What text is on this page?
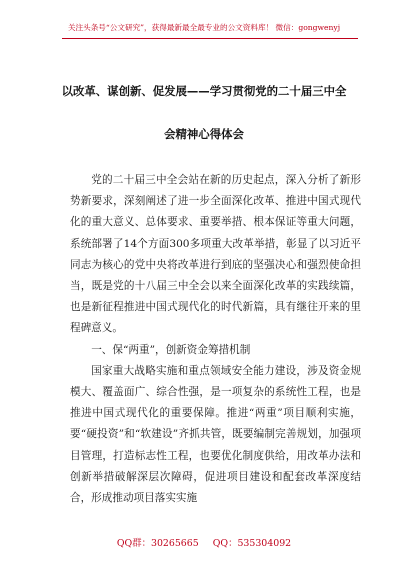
关注头条号“公文研究”，获得最新最全最专业的公文资料库！ 微信：gongwenyj
以改革、谋创新、促发展——学习贯彻党的二十届三中全
会精神心得体会

党的二十届三中全会站在新的历史起点，深入分析了新形势新要求，深刻阐述了进一步全面深化改革、推进中国式现代化的重大意义、总体要求、重要举措、根本保证等重大问题，系统部署了14个方面300多项重大改革举措，彰显了以习近平同志为核心的党中央将改革进行到底的坚强决心和强烈使命担当，既是党的十八届三中全会以来全面深化改革的实践续篇，也是新征程推进中国式现代化的时代新篇，具有继往开来的里程碑意义。

一、保“两重”，创新资金筹措机制

国家重大战略实施和重点领域安全能力建设，涉及资金规模大、覆盖面广、综合性强，是一项复杂的系统性工程，也是推进中国式现代化的重要保障。推进“两重”项目顺利实施，要“硬投资”和“软建设”齐抓共管，既要编制完善规划，加强项目管理，打造标志性工程，也要优化制度供给，用改革办法和创新举措破解深层次障碍，促进项目建设和配套改革深度结合，形成推动项目落实实施

QQ群：30265665 QQ：535304092
